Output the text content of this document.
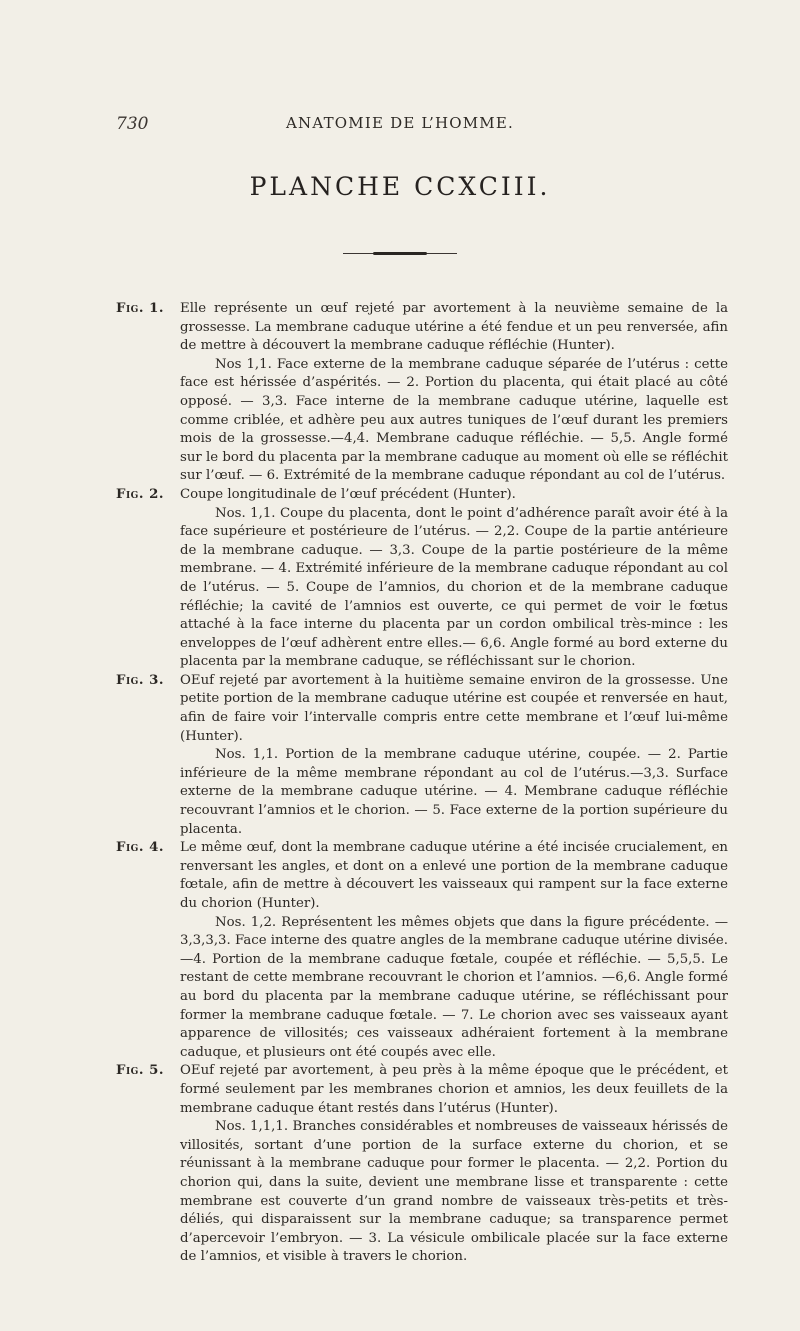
730	ANATOMIE DE L’HOMME.
PLANCHE CCXCIII.
Fig. 1. Elle représente un œuf rejeté par avortement à la neuvième semaine de la grossesse. La membrane caduque utérine a été fendue et un peu renversée, afin de mettre à découvert la membrane caduque réfléchie (Hunter).

Nos 1,1. Face externe de la membrane caduque séparée de l’utérus : cette face est hérissée d’aspérités. — 2. Portion du placenta, qui était placé au côté opposé. — 3,3. Face interne de la membrane caduque utérine, laquelle est comme criblée, et adhère peu aux autres tuniques de l’œuf durant les premiers mois de la grossesse.—4,4. Membrane caduque réfléchie. — 5,5. Angle formé sur le bord du placenta par la membrane caduque au moment où elle se réfléchit sur l’œuf. — 6. Extrémité de la membrane caduque répondant au col de l’utérus.

Fig. 2. Coupe longitudinale de l’œuf précédent (Hunter).

Nos. 1,1. Coupe du placenta, dont le point d’adhérence paraît avoir été à la face supérieure et postérieure de l’utérus. — 2,2. Coupe de la partie antérieure de la membrane caduque. — 3,3. Coupe de la partie postérieure de la même membrane. — 4. Extrémité inférieure de la membrane caduque répondant au col de l’utérus. — 5. Coupe de l’amnios, du chorion et de la membrane caduque réfléchie; la cavité de l’amnios est ouverte, ce qui permet de voir le fœtus attaché à la face interne du placenta par un cordon ombilical très-mince : les enveloppes de l’œuf adhèrent entre elles.— 6,6. Angle formé au bord externe du placenta par la membrane caduque, se réfléchissant sur le chorion.

Fig. 3. OEuf rejeté par avortement à la huitième semaine environ de la grossesse. Une petite portion de la membrane caduque utérine est coupée et renversée en haut, afin de faire voir l’intervalle compris entre cette membrane et l’œuf lui-même (Hunter).

Nos. 1,1. Portion de la membrane caduque utérine, coupée. — 2. Partie inférieure de la même membrane répondant au col de l’utérus.—3,3. Surface externe de la membrane caduque utérine. — 4. Membrane caduque réfléchie recouvrant l’amnios et le chorion. — 5. Face externe de la portion supérieure du placenta.

Fig. 4. Le même œuf, dont la membrane caduque utérine a été incisée crucialement, en renversant les angles, et dont on a enlevé une portion de la membrane caduque fœtale, afin de mettre à découvert les vaisseaux qui rampent sur la face externe du chorion (Hunter).

Nos. 1,2. Représentent les mêmes objets que dans la figure précédente. —3,3,3,3. Face interne des quatre angles de la membrane caduque utérine divisée.—4. Portion de la membrane caduque fœtale, coupée et réfléchie. — 5,5,5. Le restant de cette membrane recouvrant le chorion et l’amnios. —6,6. Angle formé au bord du placenta par la membrane caduque utérine, se réfléchissant pour former la membrane caduque fœtale. — 7. Le chorion avec ses vaisseaux ayant apparence de villosités; ces vaisseaux adhéraient fortement à la membrane caduque, et plusieurs ont été coupés avec elle.

Fig. 5. OEuf rejeté par avortement, à peu près à la même époque que le précédent, et formé seulement par les membranes chorion et amnios, les deux feuillets de la membrane caduque étant restés dans l’utérus (Hunter).

Nos. 1,1,1. Branches considérables et nombreuses de vaisseaux hérissés de villosités, sortant d’une portion de la surface externe du chorion, et se réunissant à la membrane caduque pour former le placenta. — 2,2. Portion du chorion qui, dans la suite, devient une membrane lisse et transparente : cette membrane est couverte d’un grand nombre de vaisseaux très-petits et très-déliés, qui disparaissent sur la membrane caduque; sa transparence permet d’apercevoir l’embryon. — 3. La vésicule ombilicale placée sur la face externe de l’amnios, et visible à travers le chorion.
